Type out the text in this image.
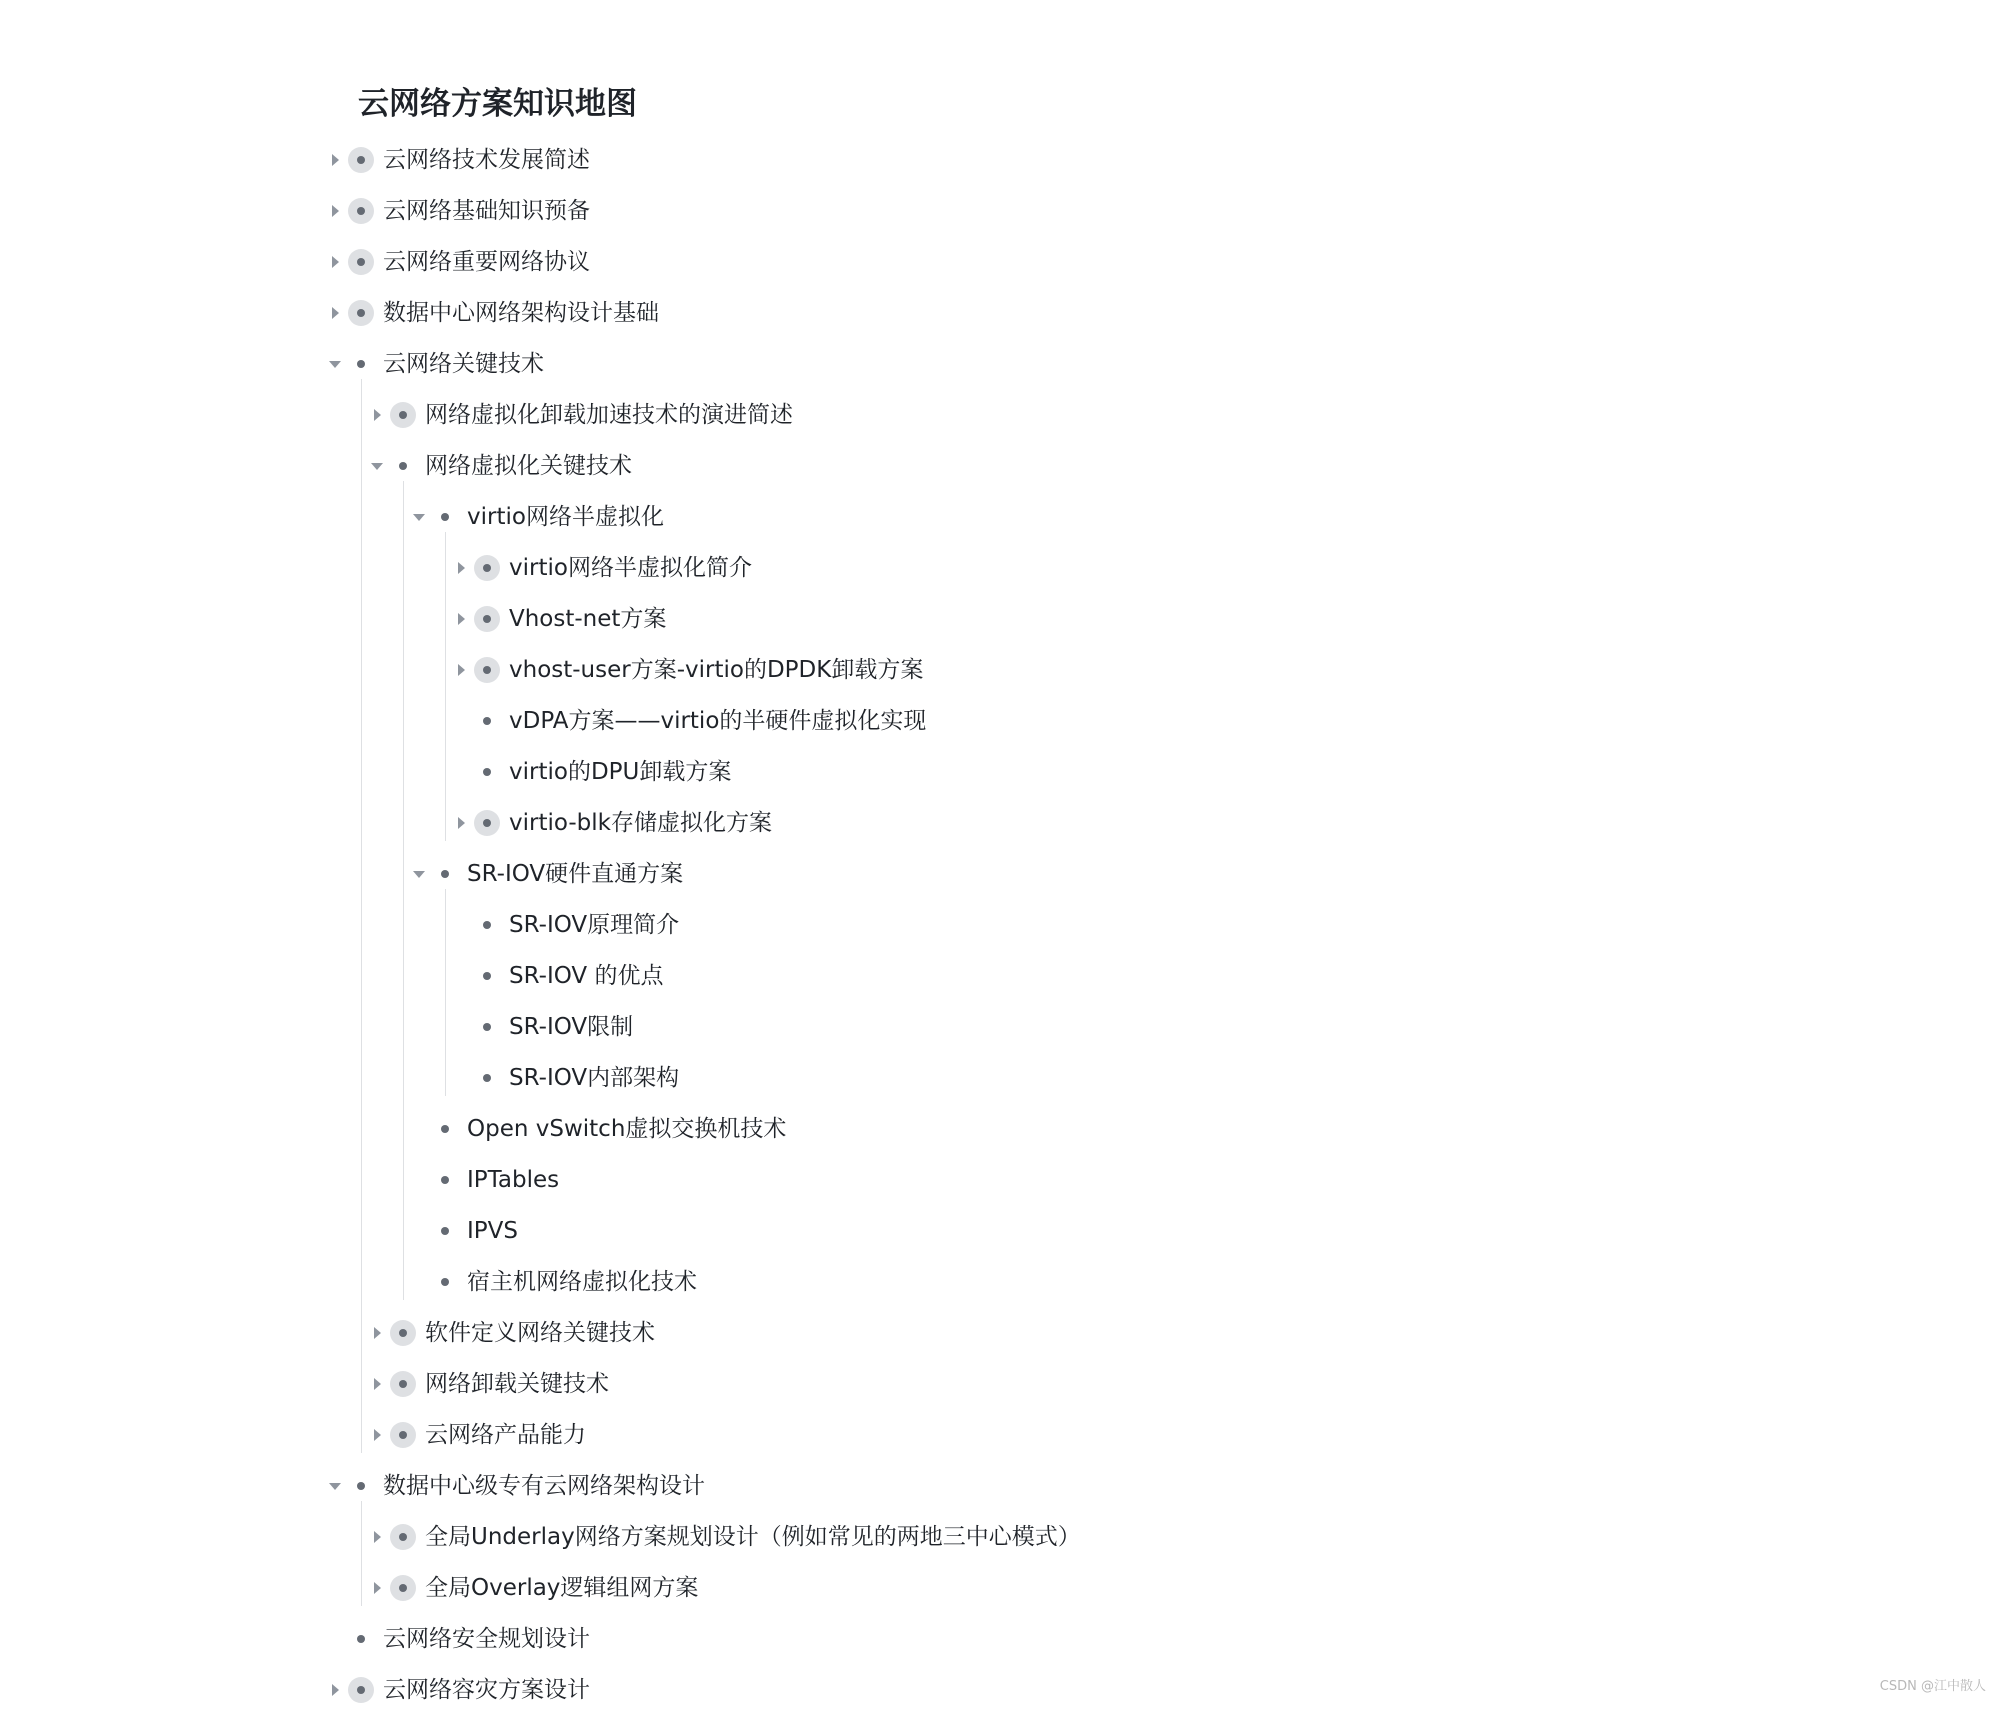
云网络方案知识地图
云网络技术发展简述
云网络基础知识预备
云网络重要网络协议
数据中心网络架构设计基础
云网络关键技术
网络虚拟化卸载加速技术的演进简述
网络虚拟化关键技术
virtio网络半虚拟化
virtio网络半虚拟化简介
Vhost-net方案
vhost-user方案-virtio的DPDK卸载方案
vDPA方案——virtio的半硬件虚拟化实现
virtio的DPU卸载方案
virtio-blk存储虚拟化方案
SR-IOV硬件直通方案
SR-IOV原理简介
SR-IOV 的优点
SR-IOV限制
SR-IOV内部架构
Open vSwitch虚拟交换机技术
IPTables
IPVS
宿主机网络虚拟化技术
软件定义网络关键技术
网络卸载关键技术
云网络产品能力
数据中心级专有云网络架构设计
全局Underlay网络方案规划设计（例如常见的两地三中心模式）
全局Overlay逻辑组网方案
云网络安全规划设计
云网络容灾方案设计	CSDN @江中散人
